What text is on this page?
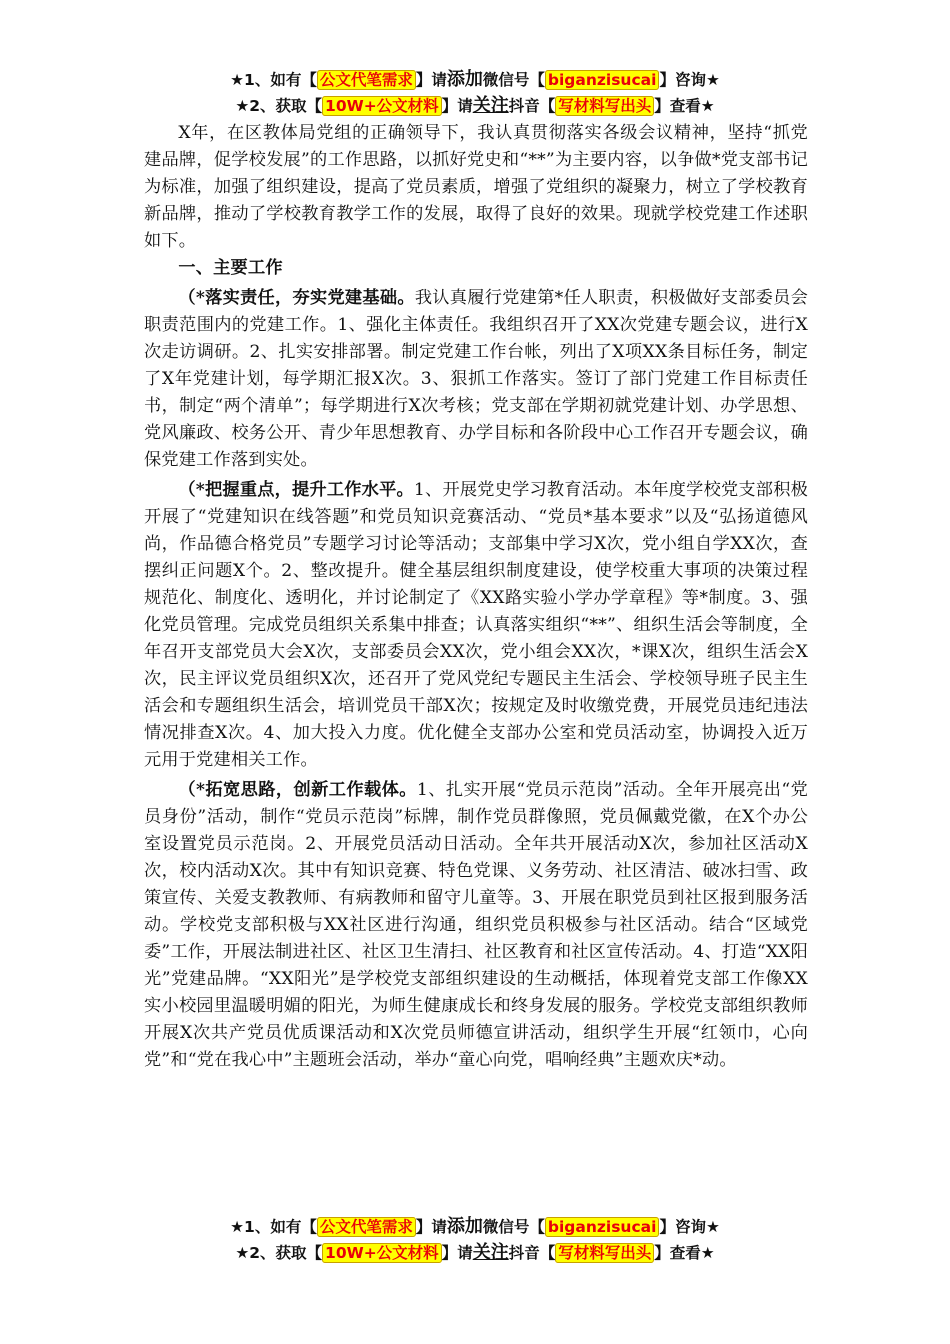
★1、如有【 公文代笔需求 】请添加微信号【 biganzisucai 】咨询★
★2、获取【 10W+公文材料 】请关注抖音【 写材料写出头 】查看★

X年，在区教体局党组的正确领导下，我认真贯彻落实各级会议精神，坚持“抓党建品牌，促学校发展”的工作思路，以抓好党史和“**”为主要内容，以争做*党支部书记为标准，加强了组织建设，提高了党员素质，增强了党组织的凝聚力，树立了学校教育新品牌，推动了学校教育教学工作的发展，取得了良好的效果。现就学校党建工作述职如下。

一、主要工作

（*落实责任，夯实党建基础。我认真履行党建第*任人职责，积极做好支部委员会职责范围内的党建工作。1、强化主体责任。我组织召开了XX次党建专题会议，进行X次走访调研。2、扎实安排部署。制定党建工作台帐，列出了X项XX条目标任务，制定了X年党建计划，每学期汇报X次。3、狠抓工作落实。签订了部门党建工作目标责任书，制定“两个清单”；每学期进行X次考核；党支部在学期初就党建计划、办学思想、党风廉政、校务公开、青少年思想教育、办学目标和各阶段中心工作召开专题会议，确保党建工作落到实处。

（*把握重点，提升工作水平。1、开展党史学习教育活动。本年度学校党支部积极开展了“党建知识在线答题”和党员知识竞赛活动、“党员*基本要求”以及“弘扬道德风尚，作品德合格党员”专题学习讨论等活动；支部集中学习X次，党小组自学XX次，查摆纠正问题X个。2、整改提升。健全基层组织制度建设，使学校重大事项的决策过程规范化、制度化、透明化，并讨论制定了《XX路实验小学办学章程》等*制度。3、强化党员管理。完成党员组织关系集中排查；认真落实组织“**”、组织生活会等制度，全年召开支部党员大会X次，支部委员会XX次，党小组会XX次，*课X次，组织生活会X次，民主评议党员组织X次，还召开了党风党纪专题民主生活会、学校领导班子民主生活会和专题组织生活会，培训党员干部X次；按规定及时收缴党费，开展党员违纪违法情况排查X次。4、加大投入力度。优化健全支部办公室和党员活动室，协调投入近万元用于党建相关工作。

（*拓宽思路，创新工作载体。1、扎实开展“党员示范岗”活动。全年开展亮出“党员身份”活动，制作“党员示范岗”标牌，制作党员群像照，党员佩戴党徽，在X个办公室设置党员示范岗。2、开展党员活动日活动。全年共开展活动X次，参加社区活动X次，校内活动X次。其中有知识竞赛、特色党课、义务劳动、社区清洁、破冰扫雪、政策宣传、关爱支教教师、有病教师和留守儿童等。3、开展在职党员到社区报到服务活动。学校党支部积极与XX社区进行沟通，组织党员积极参与社区活动。结合“区域党委”工作，开展法制进社区、社区卫生清扫、社区教育和社区宣传活动。4、打造“XX阳光”党建品牌。“XX阳光”是学校党支部组织建设的生动概括，体现着党支部工作像XX实小校园里温暖明媚的阳光，为师生健康成长和终身发展的服务。学校党支部组织教师开展X次共产党员优质课活动和X次党员师德宣讲活动，组织学生开展“红领巾，心向党”和“党在我心中”主题班会活动，举办“童心向党，唱响经典”主题欢庆*动。

★1、如有【 公文代笔需求 】请添加微信号【 biganzisucai 】咨询★
★2、获取【 10W+公文材料 】请关注抖音【 写材料写出头 】查看★
